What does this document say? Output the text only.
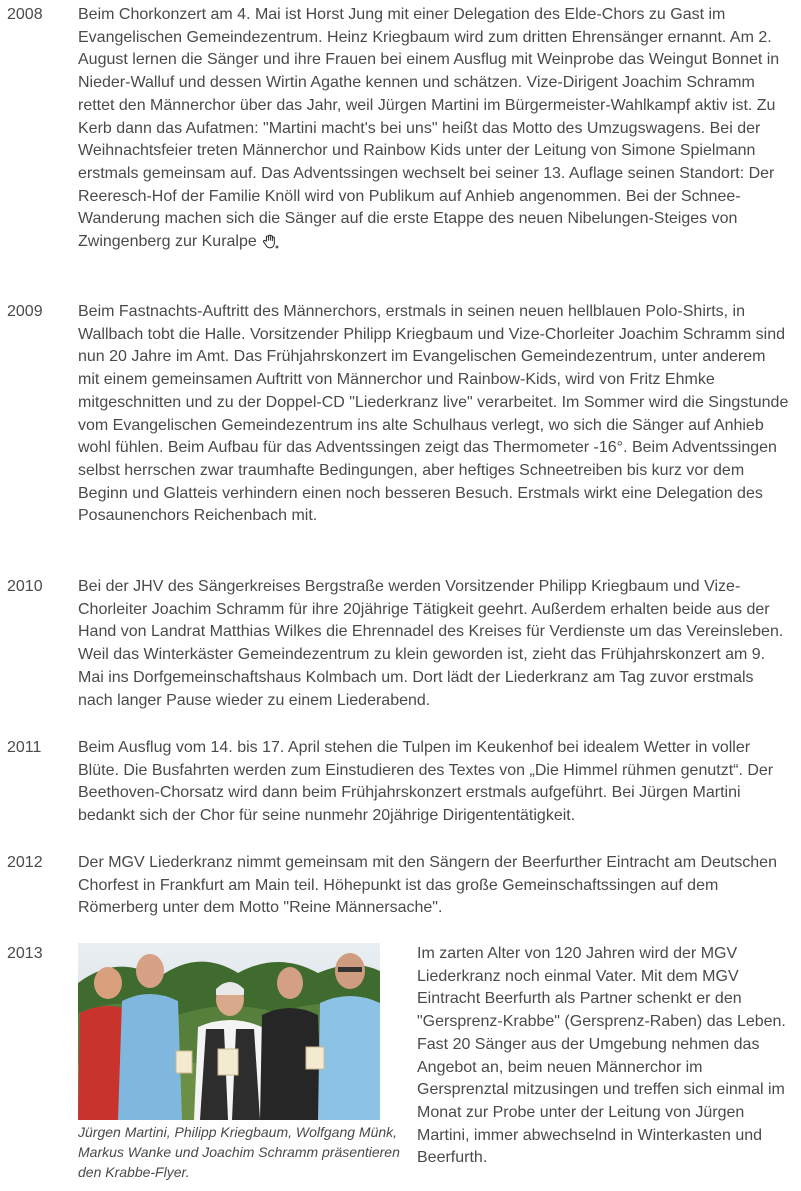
2008 Beim Chorkonzert am 4. Mai ist Horst Jung mit einer Delegation des Elde-Chors zu Gast im Evangelischen Gemeindezentrum. Heinz Kriegbaum wird zum dritten Ehrensänger ernannt. Am 2. August lernen die Sänger und ihre Frauen bei einem Ausflug mit Weinprobe das Weingut Bonnet in Nieder-Walluf und dessen Wirtin Agathe kennen und schätzen. Vize-Dirigent Joachim Schramm rettet den Männerchor über das Jahr, weil Jürgen Martini im Bürgermeister-Wahlkampf aktiv ist. Zu Kerb dann das Aufatmen: "Martini macht's bei uns" heißt das Motto des Umzugswagens. Bei der Weihnachtsfeier treten Männerchor und Rainbow Kids unter der Leitung von Simone Spielmann erstmals gemeinsam auf. Das Adventssingen wechselt bei seiner 13. Auflage seinen Standort: Der Reeresch-Hof der Familie Knöll wird von Publikum auf Anhieb angenommen. Bei der Schnee-Wanderung machen sich die Sänger auf die erste Etappe des neuen Nibelungen-Steiges von Zwingenberg zur Kuralpe

2009 Beim Fastnachts-Auftritt des Männerchors, erstmals in seinen neuen hellblauen Polo-Shirts, in Wallbach tobt die Halle. Vorsitzender Philipp Kriegbaum und Vize-Chorleiter Joachim Schramm sind nun 20 Jahre im Amt. Das Frühjahrskonzert im Evangelischen Gemeindezentrum, unter anderem mit einem gemeinsamen Auftritt von Männerchor und Rainbow-Kids, wird von Fritz Ehmke mitgeschnitten und zu der Doppel-CD "Liederkranz live" verarbeitet. Im Sommer wird die Singstunde vom Evangelischen Gemeindezentrum ins alte Schulhaus verlegt, wo sich die Sänger auf Anhieb wohl fühlen. Beim Aufbau für das Adventssingen zeigt das Thermometer -16°. Beim Adventssingen selbst herrschen zwar traumhafte Bedingungen, aber heftiges Schneetreiben bis kurz vor dem Beginn und Glatteis verhindern einen noch besseren Besuch. Erstmals wirkt eine Delegation des Posaunenchors Reichenbach mit.

2010 Bei der JHV des Sängerkreises Bergstraße werden Vorsitzender Philipp Kriegbaum und Vize-Chorleiter Joachim Schramm für ihre 20jährige Tätigkeit geehrt. Außerdem erhalten beide aus der Hand von Landrat Matthias Wilkes die Ehrennadel des Kreises für Verdienste um das Vereinsleben. Weil das Winterkäster Gemeindezentrum zu klein geworden ist, zieht das Frühjahrskonzert am 9. Mai ins Dorfgemeinschaftshaus Kolmbach um. Dort lädt der Liederkranz am Tag zuvor erstmals nach langer Pause wieder zu einem Liederabend.

2011 Beim Ausflug vom 14. bis 17. April stehen die Tulpen im Keukenhof bei idealem Wetter in voller Blüte. Die Busfahrten werden zum Einstudieren des Textes von „Die Himmel rühmen genutzt“. Der Beethoven-Chorsatz wird dann beim Frühjahrskonzert erstmals aufgeführt. Bei Jürgen Martini bedankt sich der Chor für seine nunmehr 20jährige Dirigententätigkeit.

2012 Der MGV Liederkranz nimmt gemeinsam mit den Sängern der Beerfurther Eintracht am Deutschen Chorfest in Frankfurt am Main teil. Höhepunkt ist das große Gemeinschaftssingen auf dem Römerberg unter dem Motto "Reine Männersache".

2013
Jürgen Martini, Philipp Kriegbaum, Wolfgang Münk, Markus Wanke und Joachim Schramm präsentieren den Krabbe-Flyer.
Im zarten Alter von 120 Jahren wird der MGV Liederkranz noch einmal Vater. Mit dem MGV Eintracht Beerfurth als Partner schenkt er den "Gersprenz-Krabbe" (Gersprenz-Raben) das Leben. Fast 20 Sänger aus der Umgebung nehmen das Angebot an, beim neuen Männerchor im Gersprenztal mitzusingen und treffen sich einmal im Monat zur Probe unter der Leitung von Jürgen Martini, immer abwechselnd in Winterkasten und Beerfurth.
